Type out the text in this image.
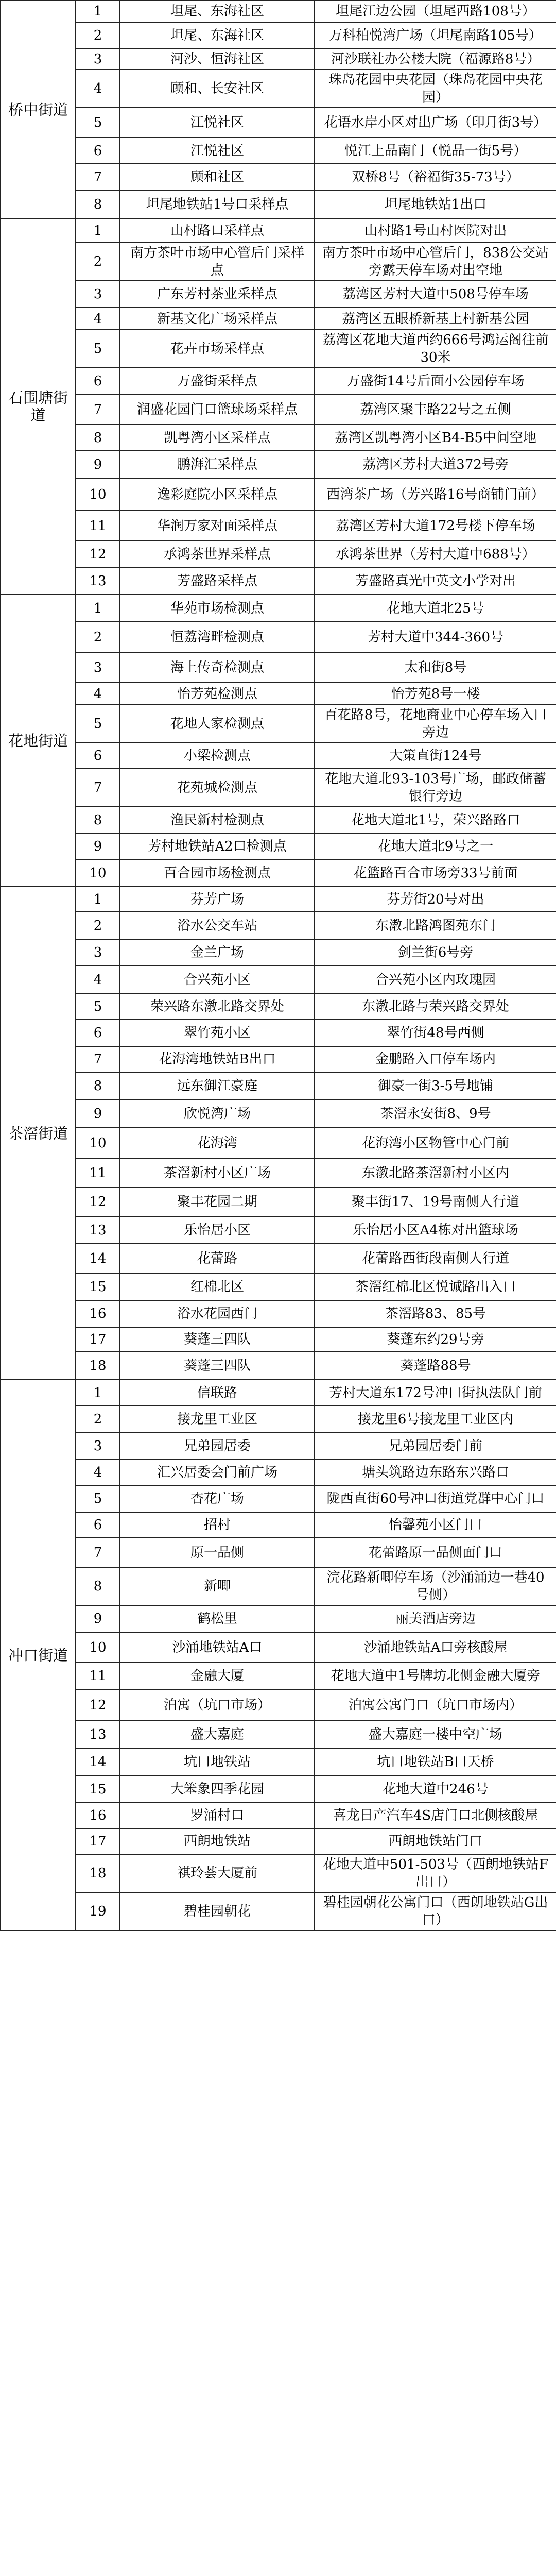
桥中街道	1	坦尾、东海社区	坦尾江边公园（坦尾西路108号）
	2	坦尾、东海社区	万科柏悦湾广场（坦尾南路105号）
	3	河沙、恒海社区	河沙联社办公楼大院（福源路8号）
	4	顾和、长安社区	珠岛花园中央花园（珠岛花园中央花园）
	5	江悦社区	花语水岸小区对出广场（印月街3号）
	6	江悦社区	悦江上品南门（悦品一街5号）
	7	顾和社区	双桥8号（裕福街35-73号）
	8	坦尾地铁站1号口采样点	坦尾地铁站1出口
石围塘街道	1	山村路口采样点	山村路1号山村医院对出
	2	南方茶叶市场中心管后门采样点	南方茶叶市场中心管后门，838公交站旁露天停车场对出空地
	3	广东芳村茶业采样点	荔湾区芳村大道中508号停车场
	4	新基文化广场采样点	荔湾区五眼桥新基上村新基公园
	5	花卉市场采样点	荔湾区花地大道西约666号鸿运阁往前30米
	6	万盛街采样点	万盛街14号后面小公园停车场
	7	润盛花园门口篮球场采样点	荔湾区聚丰路22号之五侧
	8	凯粤湾小区采样点	荔湾区凯粤湾小区B4-B5中间空地
	9	鹏湃汇采样点	荔湾区芳村大道372号旁
	10	逸彩庭院小区采样点	西湾茶广场（芳兴路16号商铺门前）
	11	华润万家对面采样点	荔湾区芳村大道172号楼下停车场
	12	承鸿茶世界采样点	承鸿茶世界（芳村大道中688号）
	13	芳盛路采样点	芳盛路真光中英文小学对出
花地街道	1	华苑市场检测点	花地大道北25号
	2	恒荔湾畔检测点	芳村大道中344-360号
	3	海上传奇检测点	太和街8号
	4	怡芳苑检测点	怡芳苑8号一楼
	5	花地人家检测点	百花路8号，花地商业中心停车场入口旁边
	6	小梁检测点	大策直街124号
	7	花苑城检测点	花地大道北93-103号广场，邮政储蓄银行旁边
	8	渔民新村检测点	花地大道北1号，荣兴路路口
	9	芳村地铁站A2口检测点	花地大道北9号之一
	10	百合园市场检测点	花篮路百合市场旁33号前面
茶滘街道	1	芬芳广场	芬芳街20号对出
	2	浴水公交车站	东漖北路鸿图苑东门
	3	金兰广场	剑兰街6号旁
	4	合兴苑小区	合兴苑小区内玫瑰园
	5	荣兴路东漖北路交界处	东漖北路与荣兴路交界处
	6	翠竹苑小区	翠竹街48号西侧
	7	花海湾地铁站B出口	金鹏路入口停车场内
	8	远东御江豪庭	御豪一街3-5号地铺
	9	欣悦湾广场	茶滘永安街8、9号
	10	花海湾	花海湾小区物管中心门前
	11	茶滘新村小区广场	东漖北路茶滘新村小区内
	12	聚丰花园二期	聚丰街17、19号南侧人行道
	13	乐怡居小区	乐怡居小区A4栋对出篮球场
	14	花蕾路	花蕾路西街段南侧人行道
	15	红棉北区	茶滘红棉北区悦诚路出入口
	16	浴水花园西门	茶滘路83、85号
	17	葵蓬三四队	葵蓬东约29号旁
	18	葵蓬三四队	葵蓬路88号
冲口街道	1	信联路	芳村大道东172号冲口街执法队门前
	2	接龙里工业区	接龙里6号接龙里工业区内
	3	兄弟园居委	兄弟园居委门前
	4	汇兴居委会门前广场	塘头筑路边东路东兴路口
	5	杏花广场	陇西直街60号冲口街道党群中心门口
	6	招村	怡馨苑小区门口
	7	原一品侧	花蕾路原一品侧面门口
	8	新唧	浣花路新唧停车场（沙涌涌边一巷40号侧）
	9	鹤松里	丽美酒店旁边
	10	沙涌地铁站A口	沙涌地铁站A口旁核酸屋
	11	金融大厦	花地大道中1号牌坊北侧金融大厦旁
	12	泊寓（坑口市场）	泊寓公寓门口（坑口市场内）
	13	盛大嘉庭	盛大嘉庭一楼中空广场
	14	坑口地铁站	坑口地铁站B口天桥
	15	大笨象四季花园	花地大道中246号
	16	罗涌村口	喜龙日产汽车4S店门口北侧核酸屋
	17	西朗地铁站	西朗地铁站门口
	18	祺玲荟大厦前	花地大道中501-503号（西朗地铁站F出口）
	19	碧桂园朝花	碧桂园朝花公寓门口（西朗地铁站G出口）
